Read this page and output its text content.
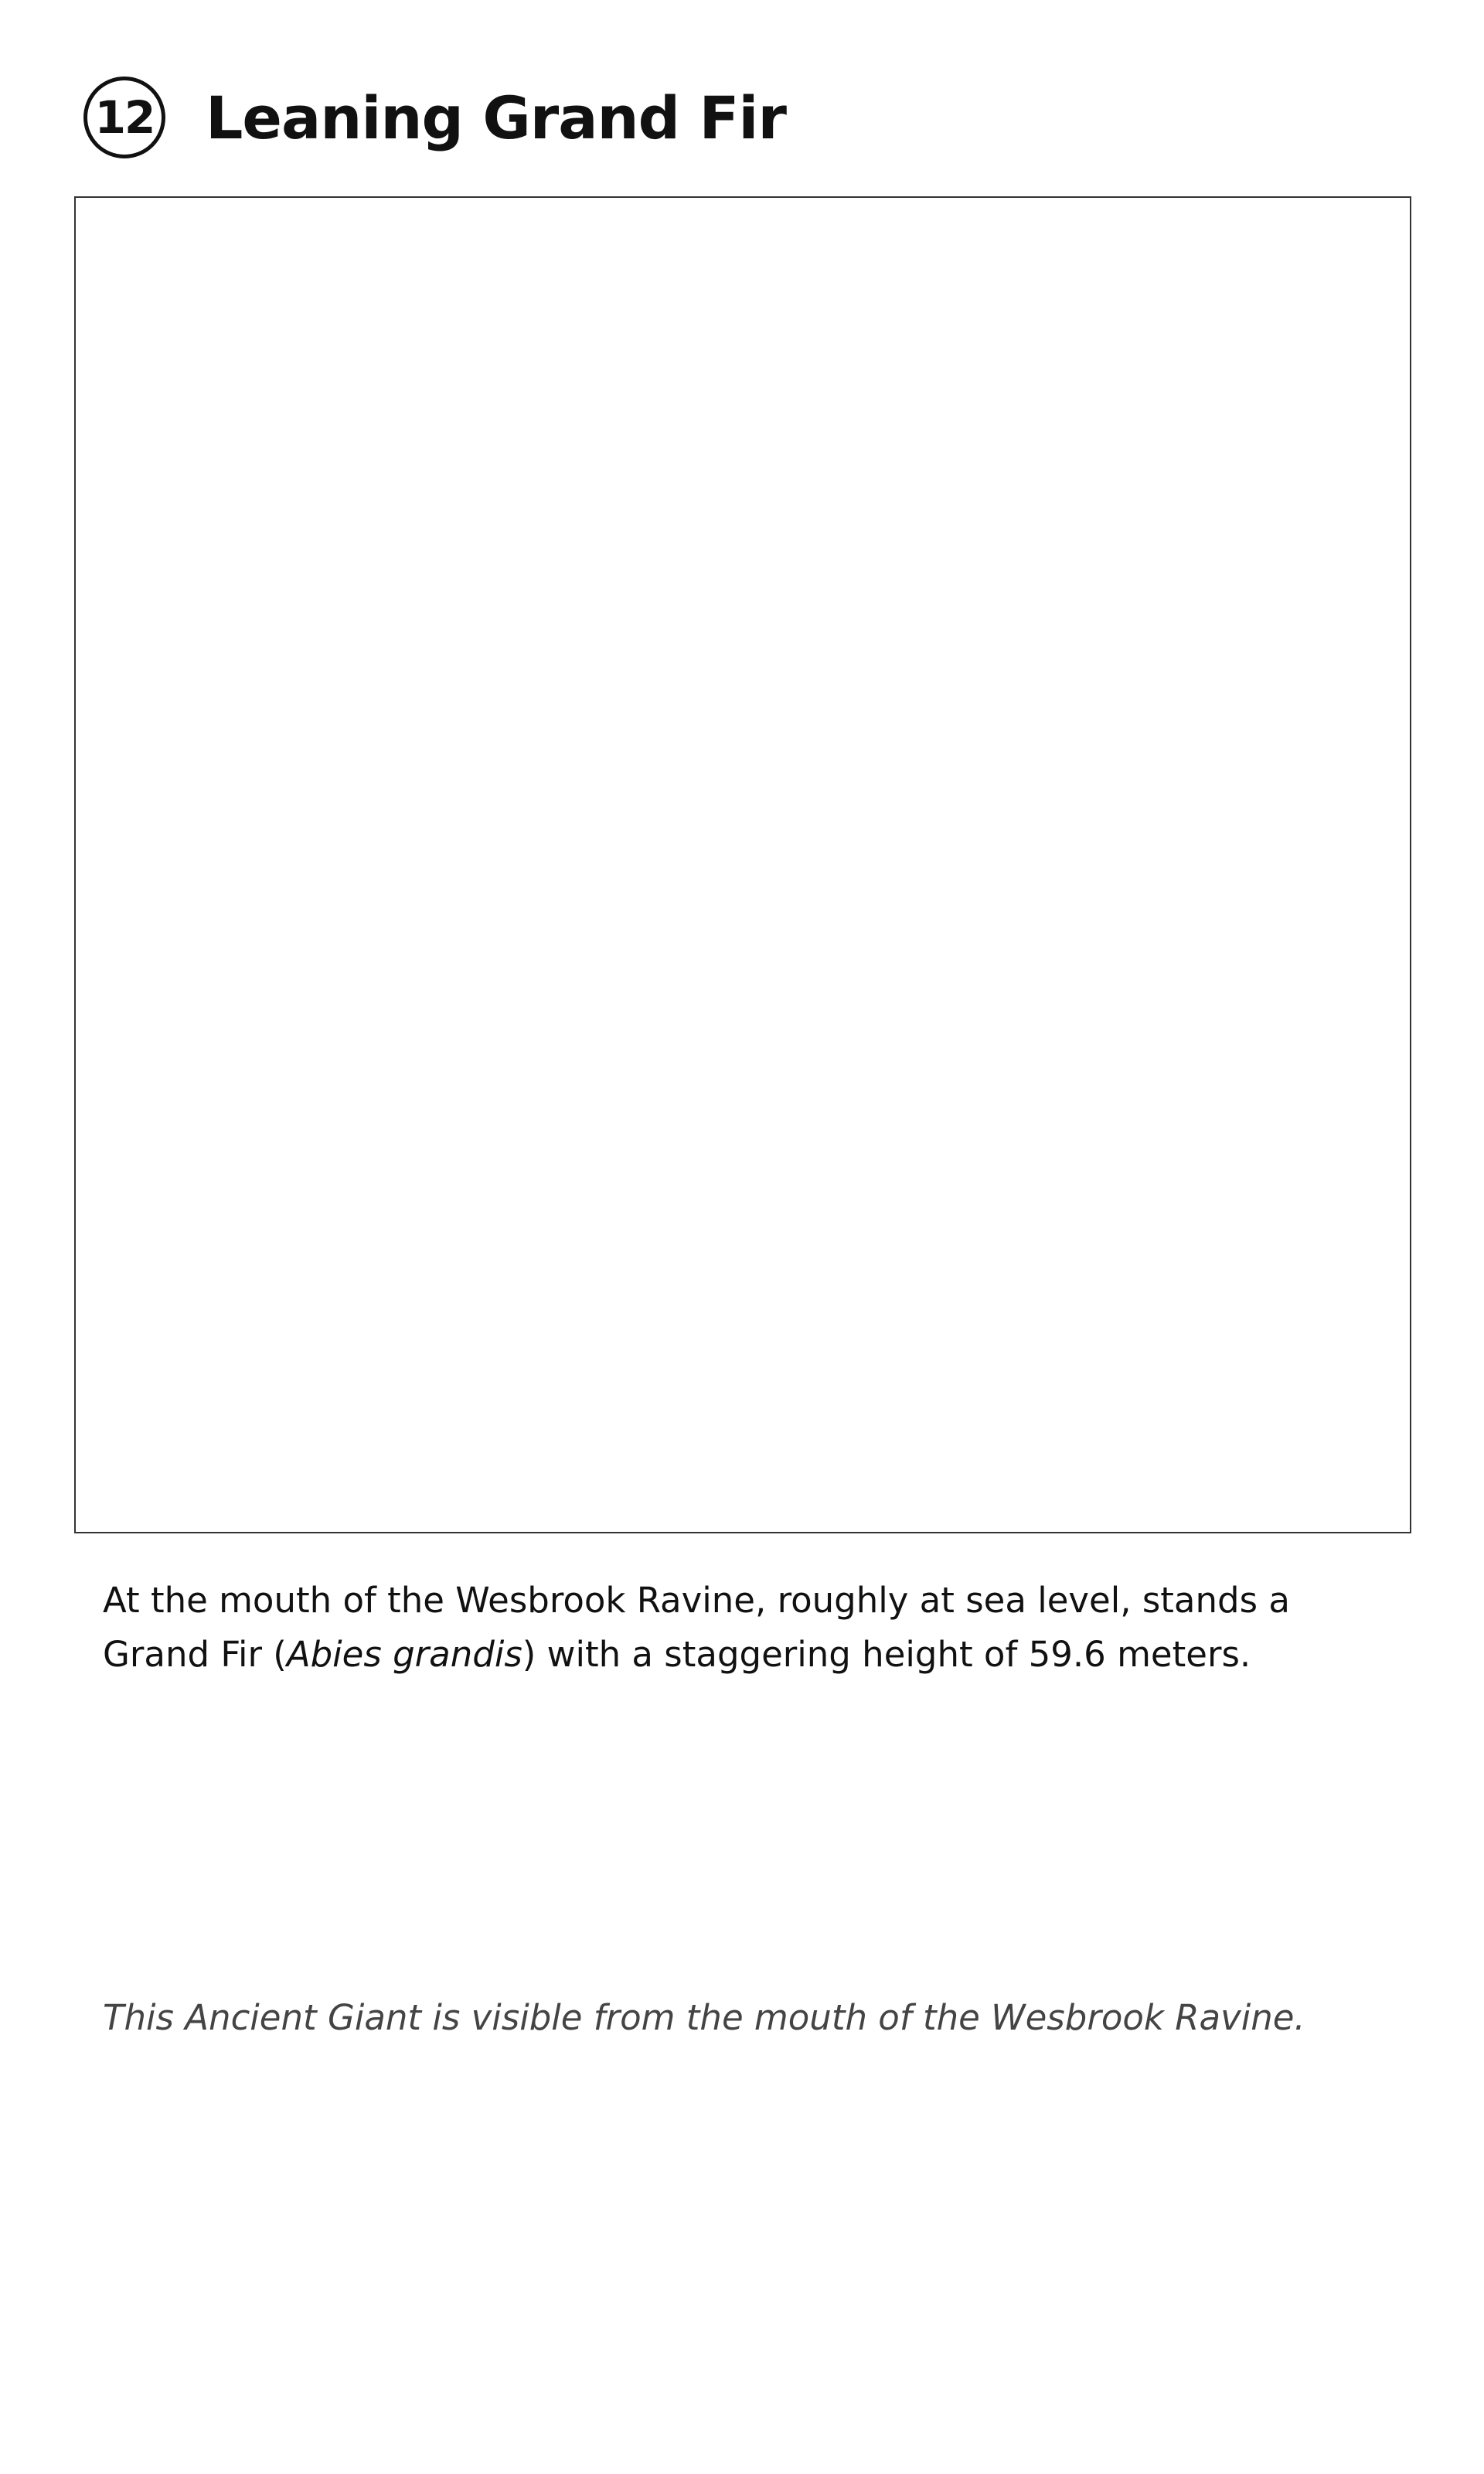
12 Leaning Grand Fir
At the mouth of the Wesbrook Ravine, roughly at sea level, stands a Grand Fir (Abies grandis) with a staggering height of 59.6 meters.
This Ancient Giant is visible from the mouth of the Wesbrook Ravine.
